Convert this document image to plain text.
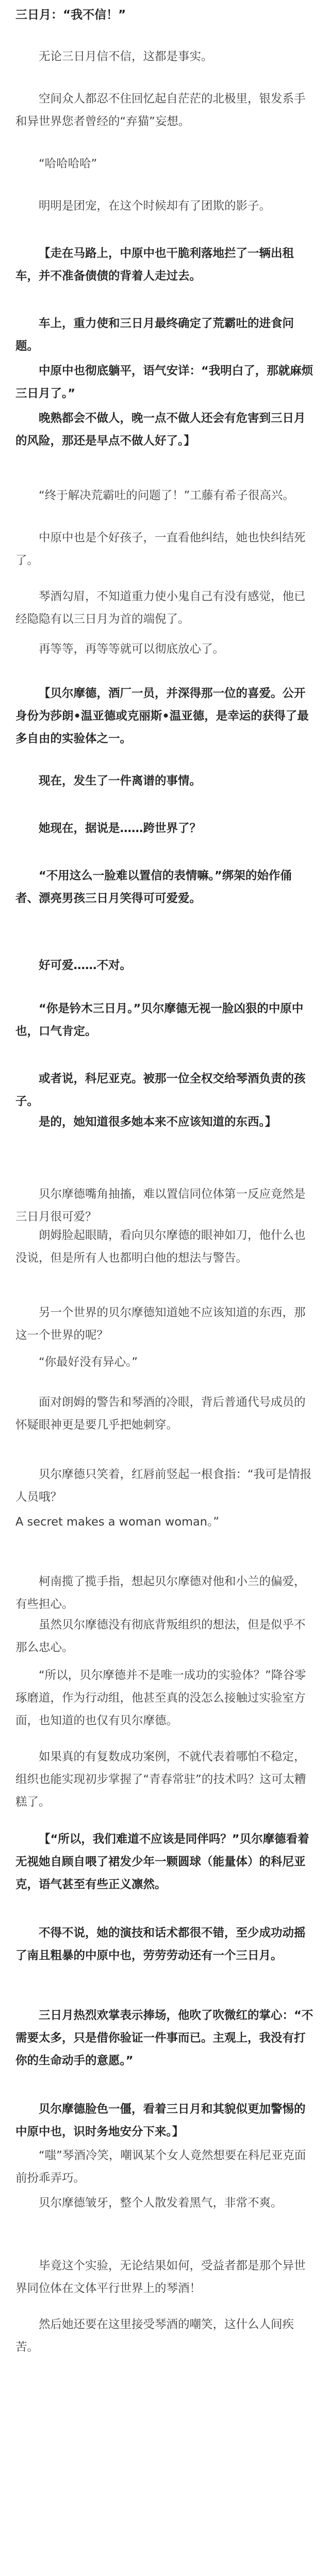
三日月：“我不信！”

无论三日月信不信，这都是事实。

空间众人都忍不住回忆起自茫茫的北极里，银发系手和异世界您者曾经的“弃猫”妄想。

“哈哈哈哈”

明明是团宠，在这个时候却有了团欺的影子。

【走在马路上，中原中也干脆利落地拦了一辆出租车，并不准备债债的背着人走过去。

车上，重力使和三日月最终确定了荒霸吐的进食问题。

中原中也彻底躺平，语气安详：“我明白了，那就麻烦三日月了。”

晚熟都会不做人，晚一点不做人还会有危害到三日月的风险，那还是早点不做人好了。】

“终于解决荒霸吐的问题了！”工藤有希子很高兴。

中原中也是个好孩子，一直看他纠结，她也快纠结死了。

琴酒勾眉，不知道重力使小鬼自己有没有感觉，他已经隐隐有以三日月为首的端倪了。

再等等，再等等就可以彻底放心了。

【贝尔摩德，酒厂一员，并深得那一位的喜爱。公开身份为莎朗•温亚德或克丽斯•温亚德，是幸运的获得了最多自由的实验体之一。

现在，发生了一件离谱的事情。

她现在，据说是……跨世界了？

“不用这么一脸难以置信的表情嘛。”绑架的始作俑者、漂亮男孩三日月笑得可可爱爱。

好可爱……不对。

“你是钤木三日月。”贝尔摩德无视一脸凶狠的中原中也，口气肯定。

或者说，科尼亚克。被那一位全权交给琴酒负责的孩子。

是的，她知道很多她本来不应该知道的东西。】

贝尔摩德嘴角抽搐，难以置信同位体第一反应竟然是三日月很可爱？

朗姆脸起眼睛，看向贝尔摩德的眼神如刀，他什么也没说，但是所有人也都明白他的想法与警告。

另一个世界的贝尔摩德知道她不应该知道的东西，那这一个世界的呢？

“你最好没有异心。”

面对朗姆的警告和琴酒的冷眼，背后普通代号成员的怀疑眼神更是要几乎把她刺穿。

贝尔摩德只笑着，红唇前竖起一根食指：“我可是情报人员哦？

A secret makes a woman woman。”

柯南揽了揽手指，想起贝尔摩德对他和小兰的偏爱，有些担心。

虽然贝尔摩德没有彻底背叛组织的想法，但是似乎不那么忠心。

“所以，贝尔摩德并不是唯一成功的实验体？”降谷零琢磨道，作为行动组，他甚至真的没怎么接触过实验室方面，也知道的也仅有贝尔摩德。

如果真的有复数成功案例，不就代表着哪怕不稳定，组织也能实现初步掌握了“青春常驻”的技术吗？这可太糟糕了。

【“所以，我们难道不应该是同伴吗？”贝尔摩德看着无视她自顾自喂了裙发少年一颗圆球（能量体）的科尼亚克，语气甚至有些正义凛然。

不得不说，她的演技和话术都很不错，至少成功动摇了南且粗暴的中原中也，劳劳劳动还有一个三日月。

三日月热烈欢掌表示捧场，他吹了吹微红的掌心：“不需要太多，只是借你验证一件事而已。主观上，我没有打你的生命动手的意愿。”

贝尔摩德脸色一僵，看着三日月和其貌似更加警惕的中原中也，识时务地安分下来。】

“嗤”琴酒冷笑，嘲讽某个女人竟然想要在科尼亚克面前扮乖弄巧。

贝尔摩德皱牙，整个人散发着黑气，非常不爽。

毕竟这个实验，无论结果如何，受益者都是那个异世界同位体在文体平行世界上的琴酒！

然后她还要在这里接受琴酒的嘲笑，这什么人间疾苦。
